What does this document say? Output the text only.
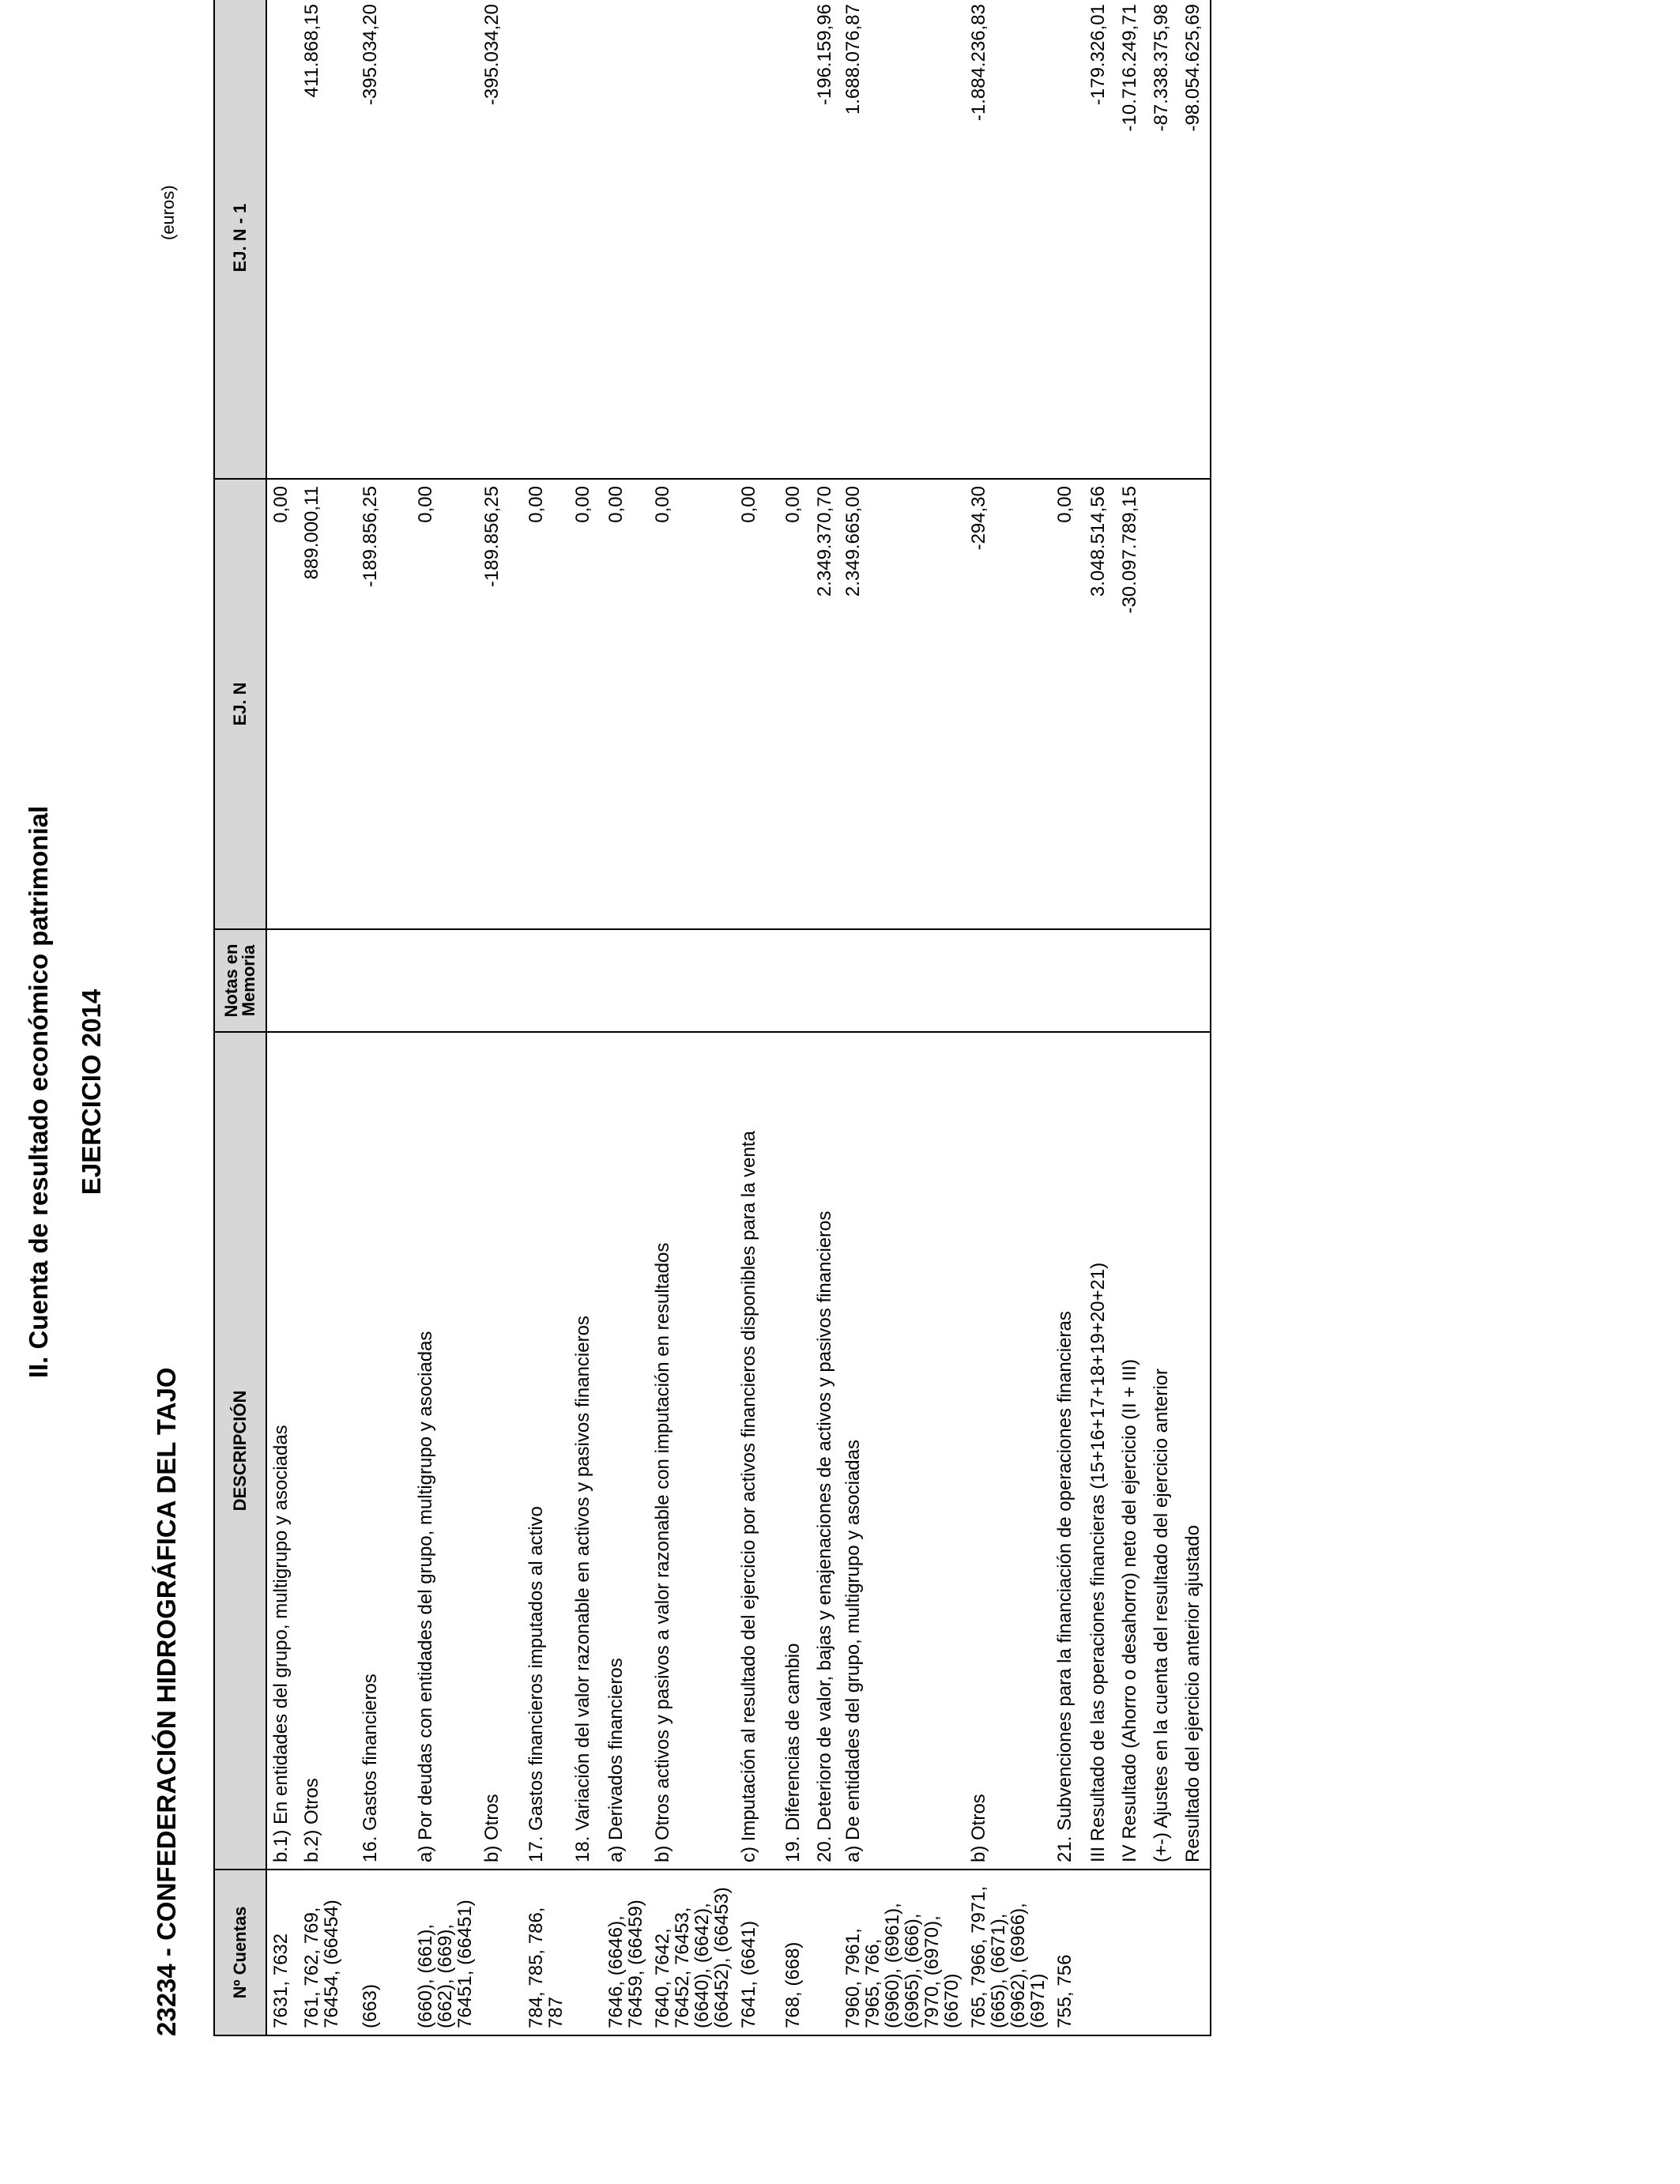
II. Cuenta de resultado económico patrimonial EJERCICIO 2014
23234 - CONFEDERACIÓN HIDROGRÁFICA DEL TAJO
(euros)
Nº Cuentas	DESCRIPCIÓN	Notas en Memoria	EJ. N	EJ. N - 1
7631, 7632	b.1) En entidades del grupo, multigrupo y asociadas		0,00	
761, 762, 769, 76454, (66454)	b.2) Otros		889.000,11	411.868,15
(663)	16. Gastos financieros		-189.856,25	-395.034,20
(660), (661), (662), (669), 76451, (66451)	a) Por deudas con entidades del grupo, multigrupo y asociadas		0,00	
	b) Otros		-189.856,25	-395.034,20
784, 785, 786, 787	17. Gastos financieros imputados al activo		0,00	
	18. Variación del valor razonable en activos y pasivos financieros		0,00	
7646, (6646), 76459, (66459)	a) Derivados financieros		0,00	
7640, 7642, 76452, 76453, (6640), (6642), (66452), (66453)	b) Otros activos y pasivos a valor razonable con imputación en resultados		0,00	
7641, (6641)	c) Imputación al resultado del ejercicio por activos financieros disponibles para la venta		0,00	
768, (668)	19. Diferencias de cambio		0,00	
	20. Deterioro de valor, bajas y enajenaciones de activos y pasivos financieros		2.349.370,70	-196.159,96
7960, 7961, 7965, 766, (6960), (6961), (6965), (666), 7970, (6970), (6670)	a) De entidades del grupo, multigrupo y asociadas		2.349.665,00	1.688.076,87
765, 7966, 7971, (665), (6671), (6962), (6966), (6971)	b) Otros		-294,30	-1.884.236,83
755, 756	21. Subvenciones para la financiación de operaciones financieras		0,00	
	III Resultado de las operaciones financieras (15+16+17+18+19+20+21)		3.048.514,56	-179.326,01
	IV Resultado (Ahorro o desahorro) neto del ejercicio (II + III)		-30.097.789,15	-10.716.249,71
	(+-) Ajustes en la cuenta del resultado del ejercicio anterior			-87.338.375,98
	Resultado del ejercicio anterior ajustado			-98.054.625,69
